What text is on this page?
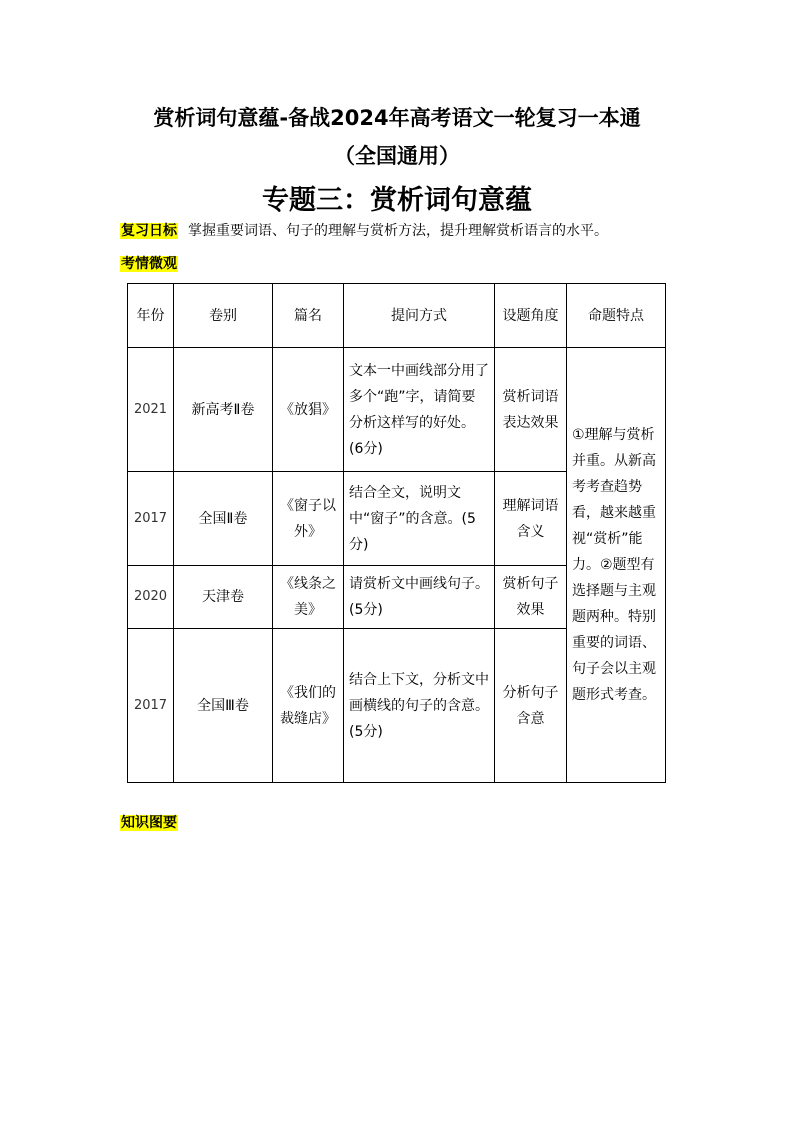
赏析词句意蕴-备战2024年高考语文一轮复习一本通
（全国通用）
专题三：赏析词句意蕴
复习日标 掌握重要词语、句子的理解与赏析方法，提升理解赏析语言的水平。
考情微观
年份	卷别	篇名	提问方式	设题角度	命题特点
2021	新高考Ⅱ卷	《放猖》	文本一中画线部分用了多个“跑”字，请简要分析这样写的好处。(6分)	赏析词语表达效果	①理解与赏析并重。从新高考考查趋势看，越来越重视“赏析”能力。②题型有选择题与主观题两种。特别重要的词语、句子会以主观题形式考查。
2017	全国Ⅱ卷	《窗子以外》	结合全文，说明文中“窗子”的含意。(5分)	理解词语含义	
2020	天津卷	《线条之美》	请赏析文中画线句子。(5分)	赏析句子效果	
2017	全国Ⅲ卷	《我们的裁缝店》	结合上下文，分析文中画横线的句子的含意。(5分)	分析句子含意	
知识图要
